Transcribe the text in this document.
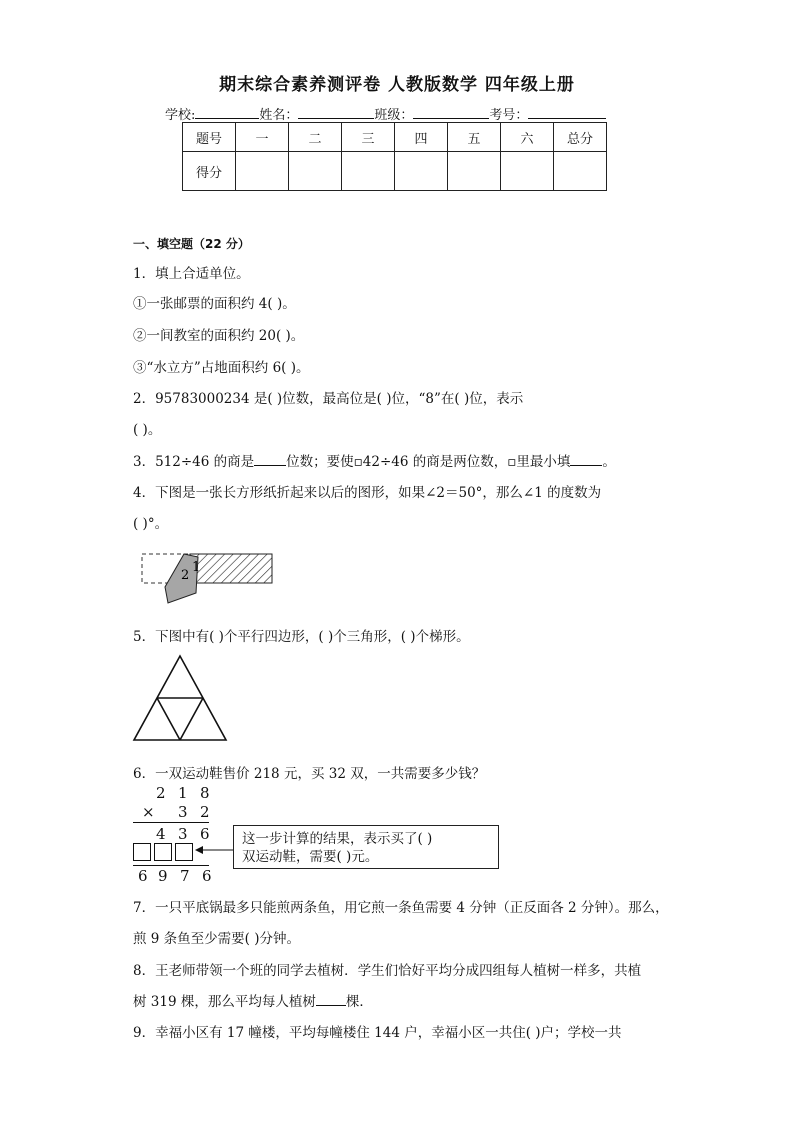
期末综合素养测评卷 人教版数学 四年级上册
学校:	姓名：	班级：	考号：
题号	一	二	三	四	五	六	总分
得分							
一、填空题（22 分）
1．填上合适单位。
①一张邮票的面积约 4( )。
②一间教室的面积约 20( )。
③“水立方”占地面积约 6( )。
2．95783000234 是( )位数，最高位是( )位，“8”在( )位，表示
( )。
3．512÷46 的商是 位数；要使▫42÷46 的商是两位数，▫里最小填 。
4．下图是一张长方形纸折起来以后的图形，如果∠2＝50°，那么∠1 的度数为
( )°。
1
2
5．下图中有( )个平行四边形，( )个三角形，( )个梯形。
6．一双运动鞋售价 218 元，买 32 双，一共需要多少钱？
2 1 8
× 3 2
4 3 6
6 9 7 6
这一步计算的结果，表示买了( )
双运动鞋，需要( )元。
7．一只平底锅最多只能煎两条鱼，用它煎一条鱼需要 4 分钟（正反面各 2 分钟）。那么，
煎 9 条鱼至少需要( )分钟。
8．王老师带领一个班的同学去植树．学生们恰好平均分成四组每人植树一样多，共植
树 319 棵，那么平均每人植树 棵．
9．幸福小区有 17 幢楼，平均每幢楼住 144 户，幸福小区一共住( )户；学校一共
